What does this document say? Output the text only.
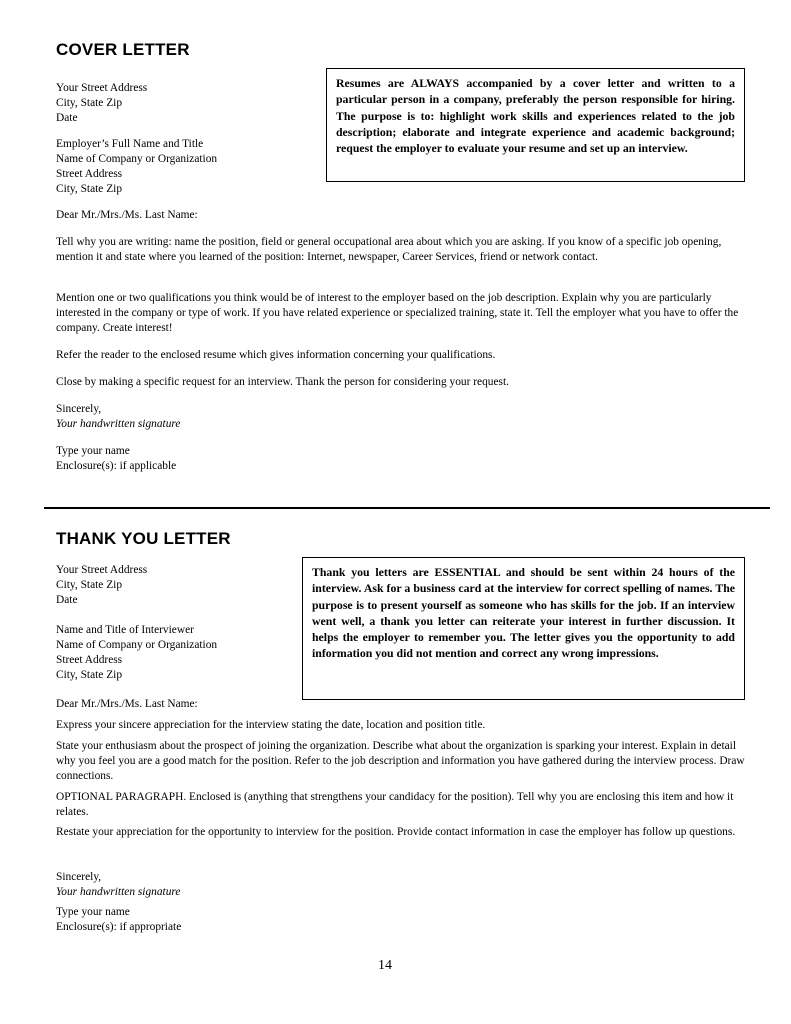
COVER LETTER
Your Street Address
City, State Zip
Date
Employer’s Full Name and Title
Name of Company or Organization
Street Address
City, State Zip
Resumes are ALWAYS accompanied by a cover letter and written to a particular person in a company, preferably the person responsible for hiring. The purpose is to: highlight work skills and experiences related to the job description; elaborate and integrate experience and academic background; request the employer to evaluate your resume and set up an interview.
Dear Mr./Mrs./Ms. Last Name:
Tell why you are writing: name the position, field or general occupational area about which you are asking. If you know of a specific job opening, mention it and state where you learned of the position: Internet, newspaper, Career Services, friend or network contact.
Mention one or two qualifications you think would be of interest to the employer based on the job description. Explain why you are particularly interested in the company or type of work. If you have related experience or specialized training, state it. Tell the employer what you have to offer the company. Create interest!
Refer the reader to the enclosed resume which gives information concerning your qualifications.
Close by making a specific request for an interview. Thank the person for considering your request.
Sincerely,
Your handwritten signature
Type your name
Enclosure(s): if applicable
THANK YOU LETTER
Your Street Address
City, State Zip
Date
Name and Title of Interviewer
Name of Company or Organization
Street Address
City, State Zip
Thank you letters are ESSENTIAL and should be sent within 24 hours of the interview. Ask for a business card at the interview for correct spelling of names. The purpose is to present yourself as someone who has skills for the job. If an interview went well, a thank you letter can reiterate your interest in further discussion. It helps the employer to remember you. The letter gives you the opportunity to add information you did not mention and correct any wrong impressions.
Dear Mr./Mrs./Ms. Last Name:
Express your sincere appreciation for the interview stating the date, location and position title.
State your enthusiasm about the prospect of joining the organization. Describe what about the organization is sparking your interest. Explain in detail why you feel you are a good match for the position. Refer to the job description and information you have gathered during the interview process. Draw connections.
OPTIONAL PARAGRAPH. Enclosed is (anything that strengthens your candidacy for the position). Tell why you are enclosing this item and how it relates.
Restate your appreciation for the opportunity to interview for the position. Provide contact information in case the employer has follow up questions.
Sincerely,
Your handwritten signature
Type your name
Enclosure(s): if appropriate
14
